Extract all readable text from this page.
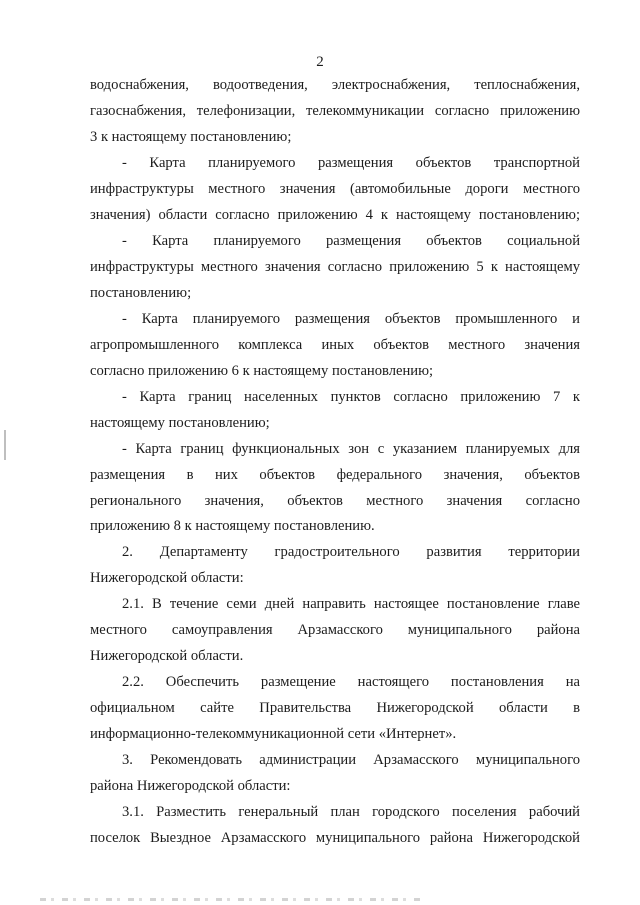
2
водоснабжения, водоотведения, электроснабжения, теплоснабжения,
газоснабжения, телефонизации, телекоммуникации согласно приложению
3 к настоящему постановлению;
- Карта планируемого размещения объектов транспортной
инфраструктуры местного значения (автомобильные дороги местного
значения) области согласно приложению 4 к настоящему постановлению;
- Карта планируемого размещения объектов социальной
инфраструктуры местного значения согласно приложению 5 к настоящему
постановлению;
- Карта планируемого размещения объектов промышленного и
агропромышленного комплекса иных объектов местного значения
согласно приложению 6 к настоящему постановлению;
- Карта границ населенных пунктов согласно приложению 7 к
настоящему постановлению;
- Карта границ функциональных зон с указанием планируемых для
размещения в них объектов федерального значения, объектов
регионального значения, объектов местного значения согласно
приложению 8 к настоящему постановлению.
2. Департаменту градостроительного развития территории
Нижегородской области:
2.1. В течение семи дней направить настоящее постановление главе
местного самоуправления Арзамасского муниципального района
Нижегородской области.
2.2. Обеспечить размещение настоящего постановления на
официальном сайте Правительства Нижегородской области в
информационно-телекоммуникационной сети «Интернет».
3. Рекомендовать администрации Арзамасского муниципального
района Нижегородской области:
3.1. Разместить генеральный план городского поселения рабочий
поселок Выездное Арзамасского муниципального района Нижегородской
